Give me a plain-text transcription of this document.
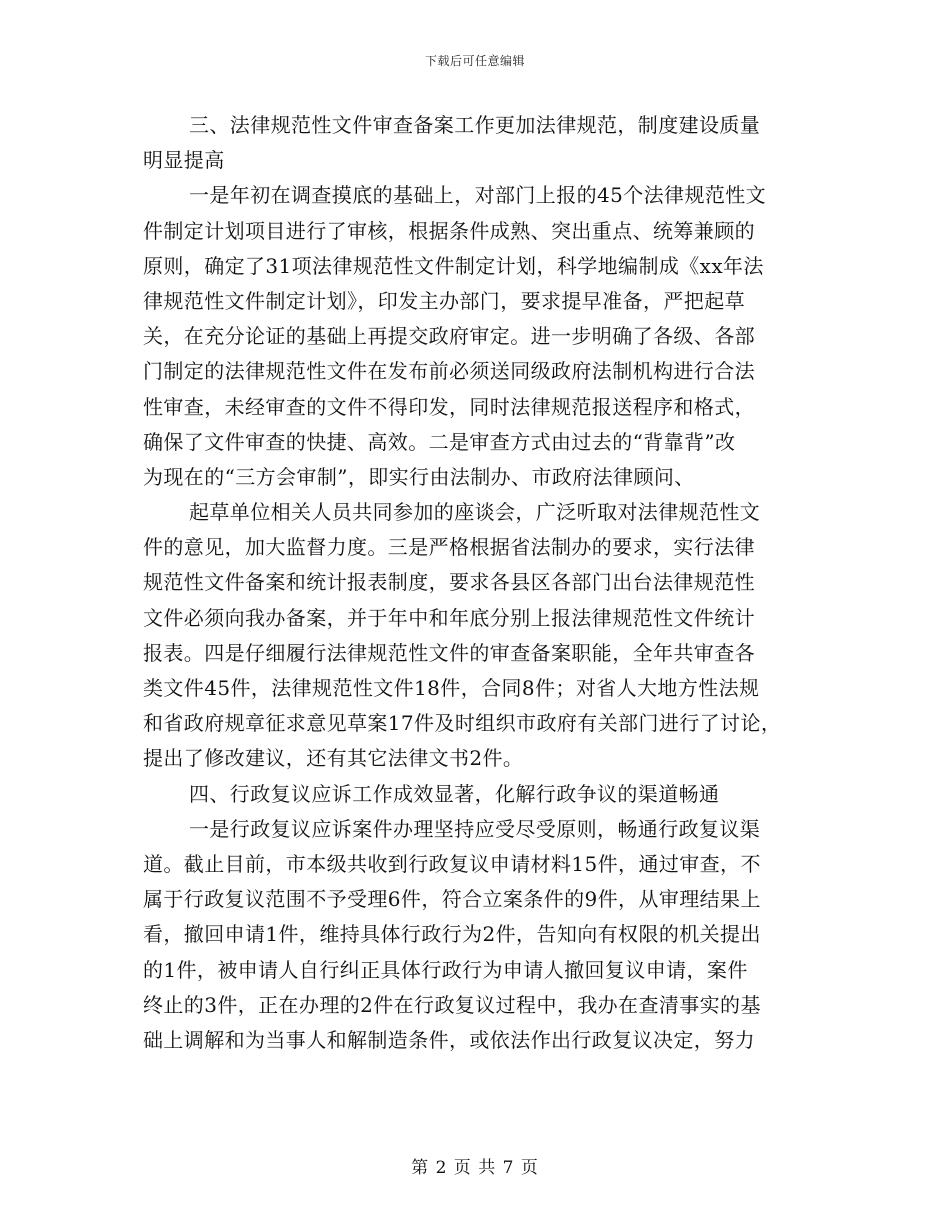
下载后可任意编辑
三、法律规范性文件审查备案工作更加法律规范，制度建设质量
明显提高
一是年初在调查摸底的基础上，对部门上报的45个法律规范性文
件制定计划项目进行了审核，根据条件成熟、突出重点、统筹兼顾的
原则，确定了31项法律规范性文件制定计划，科学地编制成《xx年法
律规范性文件制定计划》，印发主办部门，要求提早准备，严把起草
关，在充分论证的基础上再提交政府审定。进一步明确了各级、各部
门制定的法律规范性文件在发布前必须送同级政府法制机构进行合法
性审查，未经审查的文件不得印发，同时法律规范报送程序和格式，
确保了文件审查的快捷、高效。二是审查方式由过去的“背靠背”改
为现在的“三方会审制”，即实行由法制办、市政府法律顾问、
起草单位相关人员共同参加的座谈会，广泛听取对法律规范性文
件的意见，加大监督力度。三是严格根据省法制办的要求，实行法律
规范性文件备案和统计报表制度，要求各县区各部门出台法律规范性
文件必须向我办备案，并于年中和年底分别上报法律规范性文件统计
报表。四是仔细履行法律规范性文件的审查备案职能，全年共审查各
类文件45件，法律规范性文件18件，合同8件；对省人大地方性法规
和省政府规章征求意见草案17件及时组织市政府有关部门进行了讨论，
提出了修改建议，还有其它法律文书2件。
四、行政复议应诉工作成效显著，化解行政争议的渠道畅通
一是行政复议应诉案件办理坚持应受尽受原则，畅通行政复议渠
道。截止目前，市本级共收到行政复议申请材料15件，通过审查，不
属于行政复议范围不予受理6件，符合立案条件的9件，从审理结果上
看，撤回申请1件，维持具体行政行为2件，告知向有权限的机关提出
的1件，被申请人自行纠正具体行政行为申请人撤回复议申请，案件
终止的3件，正在办理的2件在行政复议过程中，我办在查清事实的基
础上调解和为当事人和解制造条件，或依法作出行政复议决定，努力
第 2 页 共 7 页
